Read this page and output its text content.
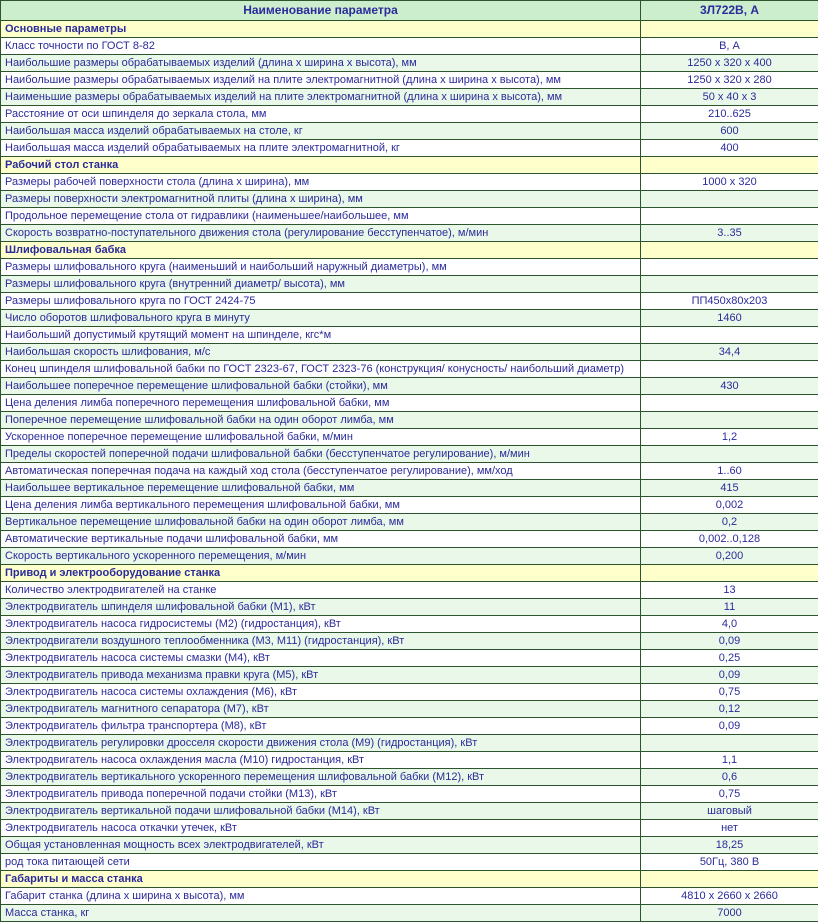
Наименование параметра	3Л722В, А
Основные параметры	
Класс точности по ГОСТ 8-82	В, А
Наибольшие размеры обрабатываемых изделий (длина х ширина х высота), мм	1250 х 320 х 400
Наибольшие размеры обрабатываемых изделий на плите электромагнитной (длина х ширина х высота), мм	1250 х 320 х 280
Наименьшие размеры обрабатываемых изделий на плите электромагнитной (длина х ширина х высота), мм	50 х 40 х 3
Расстояние от оси шпинделя до зеркала стола, мм	210..625
Наибольшая масса изделий обрабатываемых на столе, кг	600
Наибольшая масса изделий обрабатываемых на плите электромагнитной, кг	400
Рабочий стол станка	
Размеры рабочей поверхности стола (длина х ширина), мм	1000 х 320
Размеры поверхности электромагнитной плиты (длина х ширина), мм	
Продольное перемещение стола от гидравлики (наименьшее/наибольшее, мм	
Скорость возвратно-поступательного движения стола (регулирование бесступенчатое), м/мин	3..35
Шлифовальная бабка	
Размеры шлифовального круга (наименьший и наибольший наружный диаметры), мм	
Размеры шлифовального круга (внутренний диаметр/ высота), мм	
Размеры шлифовального круга по ГОСТ 2424-75	ПП450х80х203
Число оборотов шлифовального круга в минуту	1460
Наибольший допустимый крутящий момент на шпинделе, кгс*м	
Наибольшая скорость шлифования, м/с	34,4
Конец шпинделя шлифовальной бабки по ГОСТ 2323-67, ГОСТ 2323-76 (конструкция/ конусность/ наибольший диаметр)	
Наибольшее поперечное перемещение шлифовальной бабки (стойки), мм	430
Цена деления лимба поперечного перемещения шлифовальной бабки, мм	
Поперечное перемещение шлифовальной бабки на один оборот лимба, мм	
Ускоренное поперечное перемещение шлифовальной бабки, м/мин	1,2
Пределы скоростей поперечной подачи шлифовальной бабки (бесступенчатое регулирование), м/мин	
Автоматическая поперечная подача на каждый ход стола (бесступенчатое регулирование), мм/ход	1..60
Наибольшее вертикальное перемещение шлифовальной бабки, мм	415
Цена деления лимба вертикального перемещения шлифовальной бабки, мм	0,002
Вертикальное перемещение шлифовальной бабки на один оборот лимба, мм	0,2
Автоматические вертикальные подачи шлифовальной бабки, мм	0,002..0,128
Скорость вертикального ускоренного перемещения, м/мин	0,200
Привод и электрооборудование станка	
Количество электродвигателей на станке	13
Электродвигатель шпинделя шлифовальной бабки (М1), кВт	11
Электродвигатель насоса гидросистемы (М2) (гидростанция), кВт	4,0
Электродвигатели воздушного теплообменника (М3, М11) (гидростанция), кВт	0,09
Электродвигатель насоса системы смазки (М4), кВт	0,25
Электродвигатель привода механизма правки круга (М5), кВт	0,09
Электродвигатель насоса системы охлаждения (М6), кВт	0,75
Электродвигатель магнитного сепаратора (М7), кВт	0,12
Электродвигатель фильтра транспортера (М8), кВт	0,09
Электродвигатель регулировки дросселя скорости движения стола (М9) (гидростанция), кВт	
Электродвигатель насоса охлаждения масла (М10) гидростанция, кВт	1,1
Электродвигатель вертикального ускоренного перемещения шлифовальной бабки (М12), кВт	0,6
Электродвигатель привода поперечной подачи стойки (М13), кВт	0,75
Электродвигатель вертикальной подачи шлифовальной бабки (М14), кВт	шаговый
Электродвигатель насоса откачки утечек, кВт	нет
Общая установленная мощность всех электродвигателей, кВт	18,25
род тока питающей сети	50Гц, 380 В
Габариты и масса станка	
Габарит станка (длина х ширина х высота), мм	4810 х 2660 х 2660
Масса станка, кг	7000
